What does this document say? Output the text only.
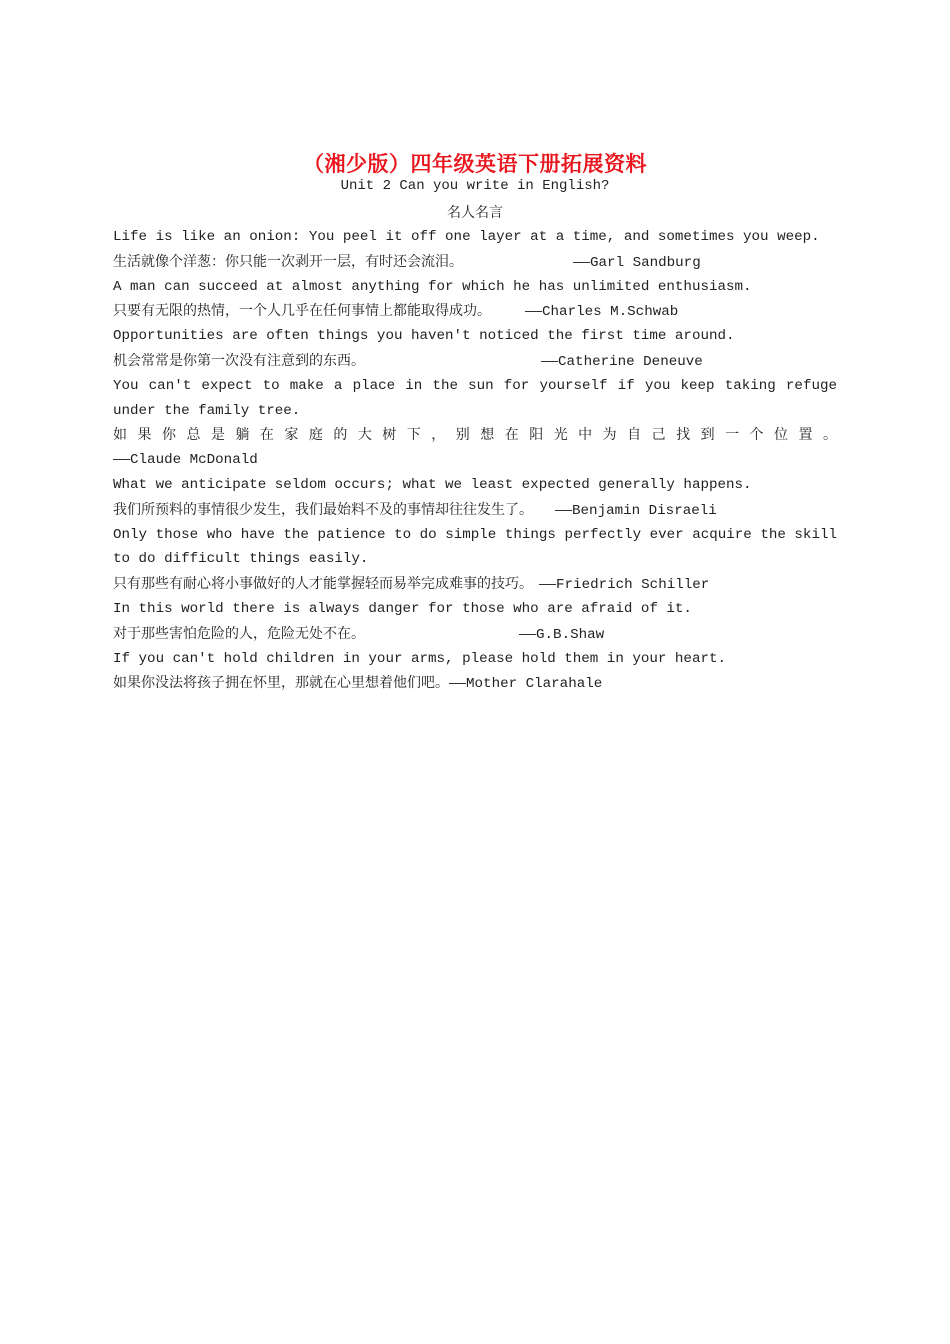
（湘少版）四年级英语下册拓展资料
Unit 2 Can you write in English?
名人名言
Life is like an onion: You peel it off one layer at a time, and sometimes you weep.
生活就像个洋葱：你只能一次剥开一层，有时还会流泪。	——Garl Sandburg
A man can succeed at almost anything for which he has unlimited enthusiasm.
只要有无限的热情，一个人几乎在任何事情上都能取得成功。 ——Charles M.Schwab
Opportunities are often things you haven't noticed the first time around.
机会常常是你第一次没有注意到的东西。	——Catherine Deneuve
You can't expect to make a place in the sun for yourself if you keep taking refuge
under the family tree.
如果你总是躺在家庭的大树下，别想在阳光中为自己找到一个位置。
——Claude McDonald
What we anticipate seldom occurs; what we least expected generally happens.
我们所预料的事情很少发生，我们最始料不及的事情却往往发生了。 ——Benjamin Disraeli
Only those who have the patience to do simple things perfectly ever acquire the skill
to do difficult things easily.
只有那些有耐心将小事做好的人才能掌握轻而易举完成难事的技巧。 ——Friedrich Schiller
In this world there is always danger for those who are afraid of it.
对于那些害怕危险的人，危险无处不在。	——G.B.Shaw
If you can't hold children in your arms, please hold them in your heart.
如果你没法将孩子拥在怀里，那就在心里想着他们吧。——Mother Clarahale
